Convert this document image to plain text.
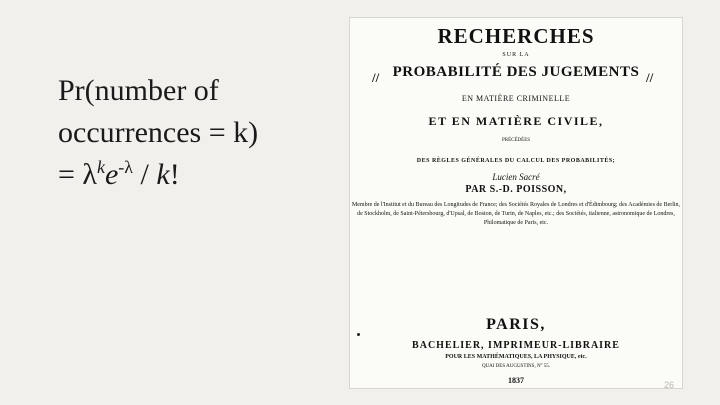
Pr(number of
occurrences = k)
= $\lambda^ke^{-\lambda}$ / k!
RECHERCHES
SUR LA
PROBABILITÉ DES JUGEMENTS
EN MATIÈRE CRIMINELLE
ET EN MATIÈRE CIVILE,
PRÉCÉDÉES
DES RÈGLES GÉNÉRALES DU CALCUL DES PROBABILITÉS;
Lucien Sacré
PAR S.-D. POISSON,
Membre de l'Institut et du Bureau des Longitudes de France; des Sociétés Royales de Londres et d'Édimbourg; des Académies de Berlin, de Stockholm, de Saint-Pétersbourg, d'Upsal, de Boston, de Turin, de Naples, etc.; des Sociétés, italienne, astronomique de Londres, Philomatique de Paris, etc.
PARIS,
BACHELIER, IMPRIMEUR-LIBRAIRE
POUR LES MATHÉMATIQUES, LA PHYSIQUE, etc.
QUAI DES AUGUSTINS, N° 55.
1837
//	//
26
